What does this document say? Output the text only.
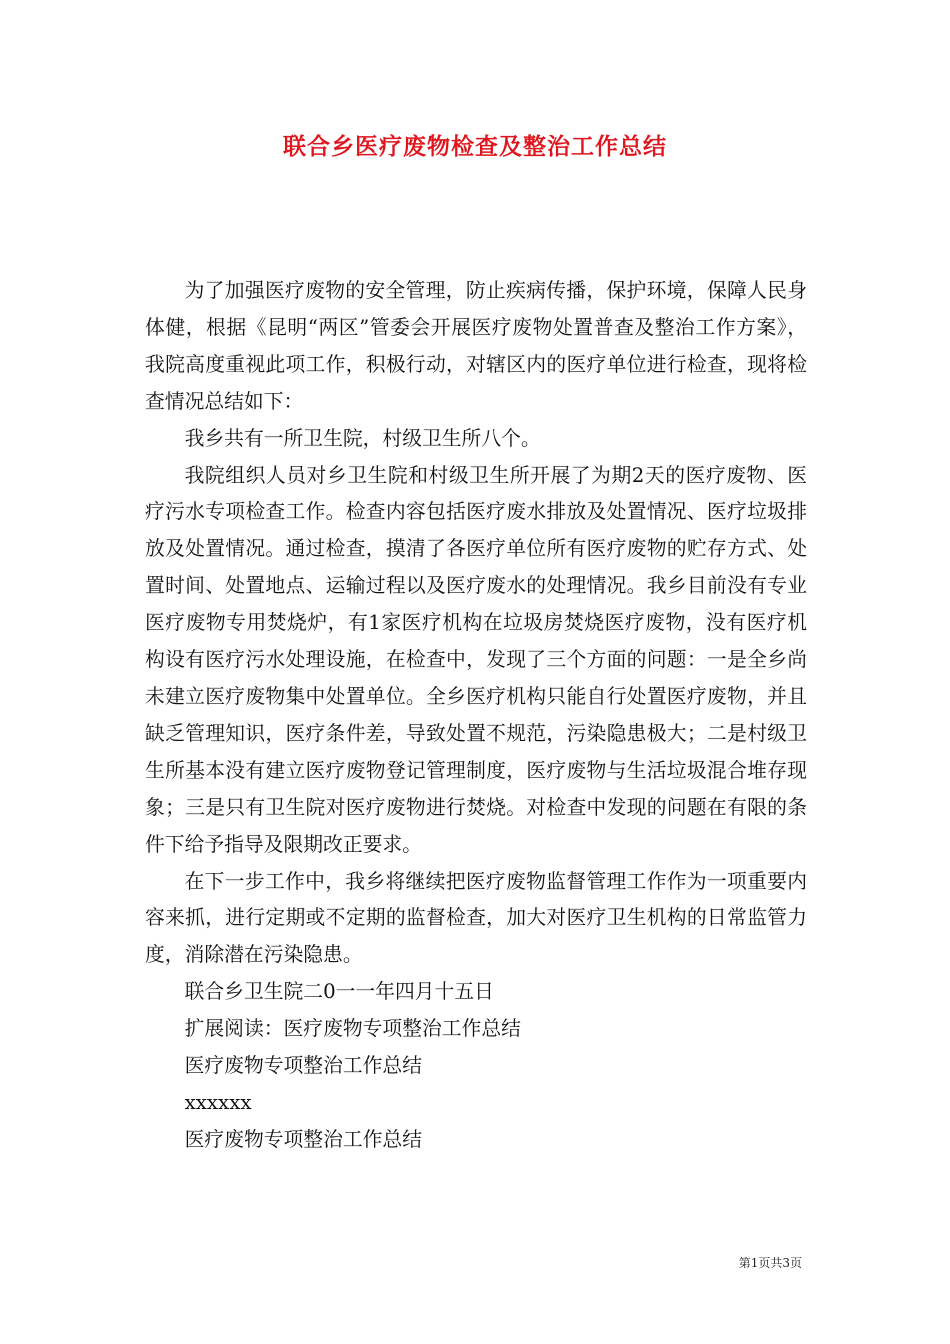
联合乡医疗废物检查及整治工作总结

为了加强医疗废物的安全管理，防止疾病传播，保护环境，保障人民身体健，根据《昆明“两区”管委会开展医疗废物处置普查及整治工作方案》，我院高度重视此项工作，积极行动，对辖区内的医疗单位进行检查，现将检查情况总结如下：

我乡共有一所卫生院，村级卫生所八个。

我院组织人员对乡卫生院和村级卫生所开展了为期2天的医疗废物、医疗污水专项检查工作。检查内容包括医疗废水排放及处置情况、医疗垃圾排放及处置情况。通过检查，摸清了各医疗单位所有医疗废物的贮存方式、处置时间、处置地点、运输过程以及医疗废水的处理情况。我乡目前没有专业医疗废物专用焚烧炉，有1家医疗机构在垃圾房焚烧医疗废物，没有医疗机构设有医疗污水处理设施，在检查中，发现了三个方面的问题：一是全乡尚未建立医疗废物集中处置单位。全乡医疗机构只能自行处置医疗废物，并且缺乏管理知识，医疗条件差，导致处置不规范，污染隐患极大；二是村级卫生所基本没有建立医疗废物登记管理制度，医疗废物与生活垃圾混合堆存现象；三是只有卫生院对医疗废物进行焚烧。对检查中发现的问题在有限的条件下给予指导及限期改正要求。

在下一步工作中，我乡将继续把医疗废物监督管理工作作为一项重要内容来抓，进行定期或不定期的监督检查，加大对医疗卫生机构的日常监管力度，消除潜在污染隐患。

联合乡卫生院二0一一年四月十五日

扩展阅读：医疗废物专项整治工作总结

医疗废物专项整治工作总结

xxxxxx

医疗废物专项整治工作总结

第1页共3页
